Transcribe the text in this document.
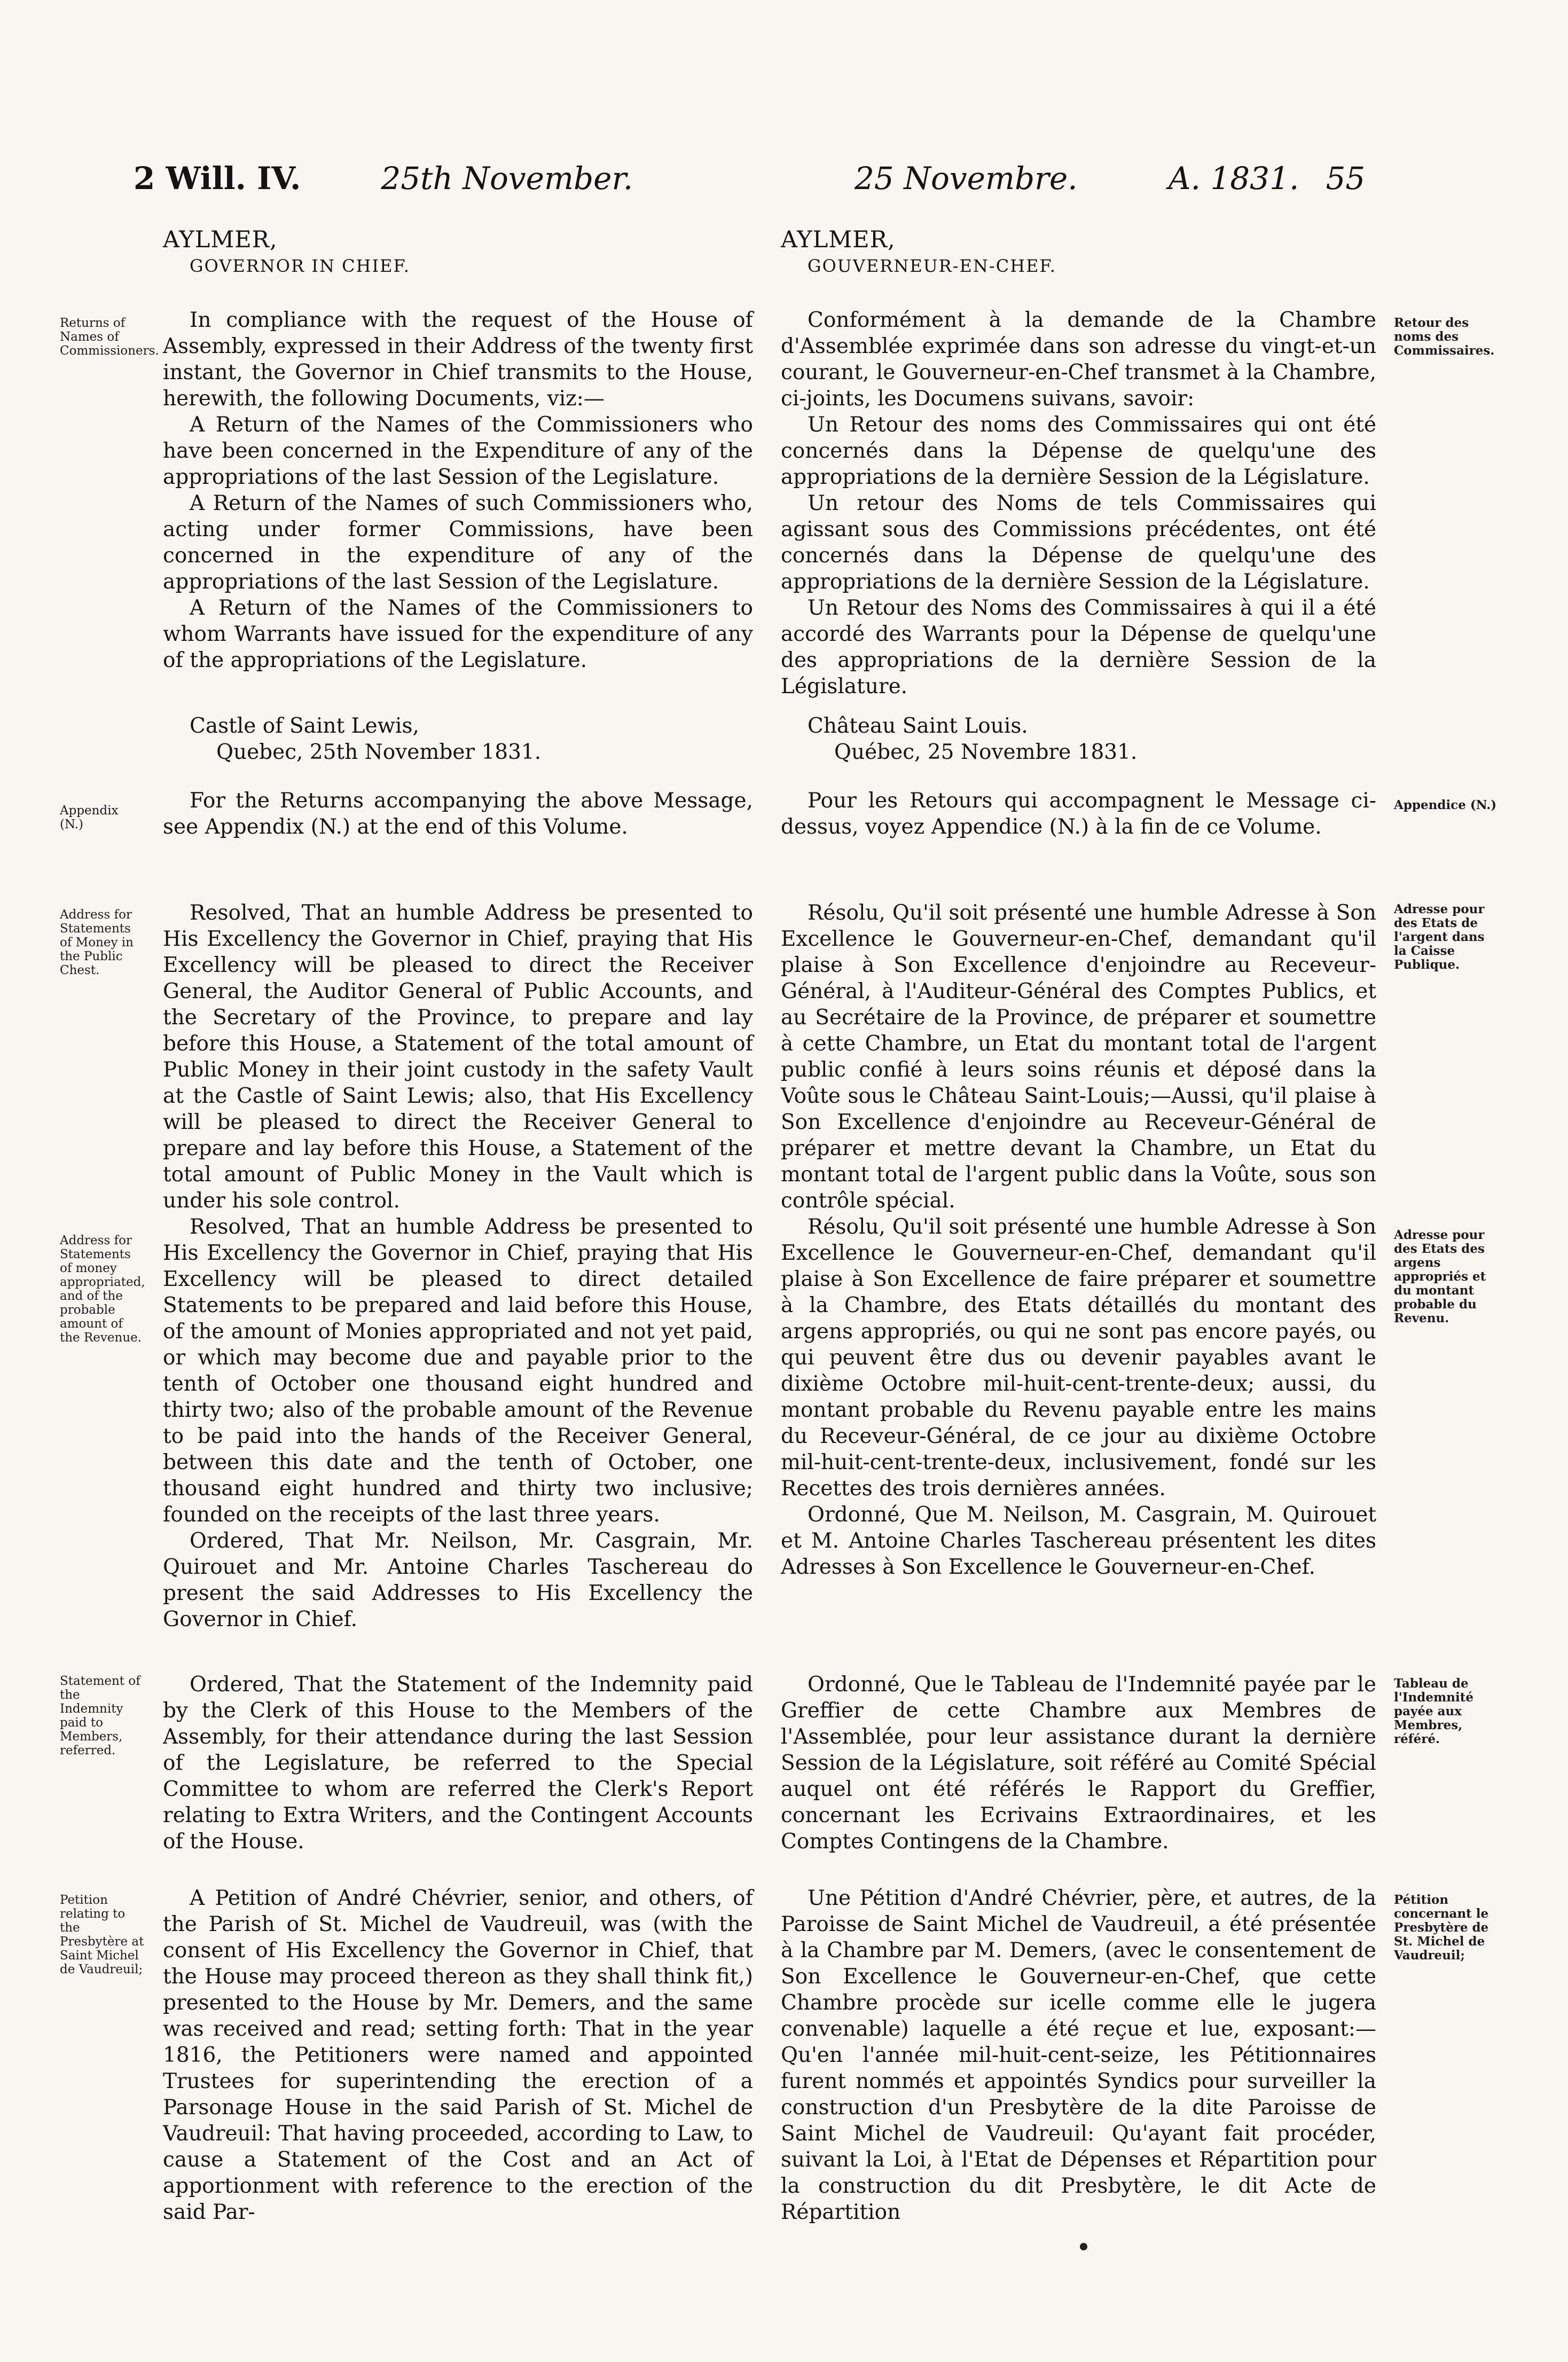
2 Will. IV.	25th November.	25 Novembre.	A. 1831. 55

AYLMER,

GOVERNOR IN CHIEF.

In compliance with the request of the House of Assembly, expressed in their Address of the twenty first instant, the Governor in Chief transmits to the House, herewith, the following Documents, viz:—

A Return of the Names of the Commissioners who have been concerned in the Expenditure of any of the appropriations of the last Session of the Legislature.

A Return of the Names of such Commissioners who, acting under former Commissions, have been concerned in the expenditure of any of the appropriations of the last Session of the Legislature.

A Return of the Names of the Commissioners to whom Warrants have issued for the expenditure of any of the appropriations of the Legislature.

Castle of Saint Lewis,

Quebec, 25th November 1831.

For the Returns accompanying the above Message, see Appendix (N.) at the end of this Volume.

Resolved, That an humble Address be presented to His Excellency the Governor in Chief, praying that His Excellency will be pleased to direct the Receiver General, the Auditor General of Public Accounts, and the Secretary of the Province, to prepare and lay before this House, a Statement of the total amount of Public Money in their joint custody in the safety Vault at the Castle of Saint Lewis; also, that His Excellency will be pleased to direct the Receiver General to prepare and lay before this House, a Statement of the total amount of Public Money in the Vault which is under his sole control.

Resolved, That an humble Address be presented to His Excellency the Governor in Chief, praying that His Excellency will be pleased to direct detailed Statements to be prepared and laid before this House, of the amount of Monies appropriated and not yet paid, or which may become due and payable prior to the tenth of October one thousand eight hundred and thirty two; also of the probable amount of the Revenue to be paid into the hands of the Receiver General, between this date and the tenth of October, one thousand eight hundred and thirty two inclusive; founded on the receipts of the last three years.

Ordered, That Mr. Neilson, Mr. Casgrain, Mr. Quirouet and Mr. Antoine Charles Taschereau do present the said Addresses to His Excellency the Governor in Chief.

Ordered, That the Statement of the Indemnity paid by the Clerk of this House to the Members of the Assembly, for their attendance during the last Session of the Legislature, be referred to the Special Committee to whom are referred the Clerk's Report relating to Extra Writers, and the Contingent Accounts of the House.

A Petition of André Chévrier, senior, and others, of the Parish of St. Michel de Vaudreuil, was (with the consent of His Excellency the Governor in Chief, that the House may proceed thereon as they shall think fit,) presented to the House by Mr. Demers, and the same was received and read; setting forth: That in the year 1816, the Petitioners were named and appointed Trustees for superintending the erection of a Parsonage House in the said Parish of St. Michel de Vaudreuil: That having proceeded, according to Law, to cause a Statement of the Cost and an Act of apportionment with reference to the erection of the said Par-

AYLMER,

GOUVERNEUR-EN-CHEF.

Conformément à la demande de la Chambre d'Assemblée exprimée dans son adresse du vingt-et-un courant, le Gouverneur-en-Chef transmet à la Chambre, ci-joints, les Documens suivans, savoir:

Un Retour des noms des Commissaires qui ont été concernés dans la Dépense de quelqu'une des appropriations de la dernière Session de la Législature.

Un retour des Noms de tels Commissaires qui agissant sous des Commissions précédentes, ont été concernés dans la Dépense de quelqu'une des appropriations de la dernière Session de la Législature.

Un Retour des Noms des Commissaires à qui il a été accordé des Warrants pour la Dépense de quelqu'une des appropriations de la dernière Session de la Législature.

Château Saint Louis.

Québec, 25 Novembre 1831.

Pour les Retours qui accompagnent le Message ci-dessus, voyez Appendice (N.) à la fin de ce Volume.

Résolu, Qu'il soit présenté une humble Adresse à Son Excellence le Gouverneur-en-Chef, demandant qu'il plaise à Son Excellence d'enjoindre au Receveur-Général, à l'Auditeur-Général des Comptes Publics, et au Secrétaire de la Province, de préparer et soumettre à cette Chambre, un Etat du montant total de l'argent public confié à leurs soins réunis et déposé dans la Voûte sous le Château Saint-Louis;—Aussi, qu'il plaise à Son Excellence d'enjoindre au Receveur-Général de préparer et mettre devant la Chambre, un Etat du montant total de l'argent public dans la Voûte, sous son contrôle spécial.

Résolu, Qu'il soit présenté une humble Adresse à Son Excellence le Gouverneur-en-Chef, demandant qu'il plaise à Son Excellence de faire préparer et soumettre à la Chambre, des Etats détaillés du montant des argens appropriés, ou qui ne sont pas encore payés, ou qui peuvent être dus ou devenir payables avant le dixième Octobre mil-huit-cent-trente-deux; aussi, du montant probable du Revenu payable entre les mains du Receveur-Général, de ce jour au dixième Octobre mil-huit-cent-trente-deux, inclusivement, fondé sur les Recettes des trois dernières années.

Ordonné, Que M. Neilson, M. Casgrain, M. Quirouet et M. Antoine Charles Taschereau présentent les dites Adresses à Son Excellence le Gouverneur-en-Chef.

Ordonné, Que le Tableau de l'Indemnité payée par le Greffier de cette Chambre aux Membres de l'Assemblée, pour leur assistance durant la dernière Session de la Législature, soit référé au Comité Spécial auquel ont été référés le Rapport du Greffier, concernant les Ecrivains Extraordinaires, et les Comptes Contingens de la Chambre.

Une Pétition d'André Chévrier, père, et autres, de la Paroisse de Saint Michel de Vaudreuil, a été présentée à la Chambre par M. Demers, (avec le consentement de Son Excellence le Gouverneur-en-Chef, que cette Chambre procède sur icelle comme elle le jugera convenable) laquelle a été reçue et lue, exposant:— Qu'en l'année mil-huit-cent-seize, les Pétitionnaires furent nommés et appointés Syndics pour surveiller la construction d'un Presbytère de la dite Paroisse de Saint Michel de Vaudreuil: Qu'ayant fait procéder, suivant la Loi, à l'Etat de Dépenses et Répartition pour la construction du dit Presbytère, le dit Acte de Répartition

Returns of Names of Commissioners.
Appendix (N.)
Address for Statements of Money in the Public Chest.
Address for Statements of money appropriated, and of the probable amount of the Revenue.
Statement of the Indemnity paid to Members, referred.
Petition relating to the Presbytère at Saint Michel de Vaudreuil;
Retour des noms des Commissaires.
Appendice (N.)
Adresse pour des Etats de l'argent dans la Caisse Publique.
Adresse pour des Etats des argens appropriés et du montant probable du Revenu.
Tableau de l'Indemnité payée aux Membres, référé.
Pétition concernant le Presbytère de St. Michel de Vaudreuil;
